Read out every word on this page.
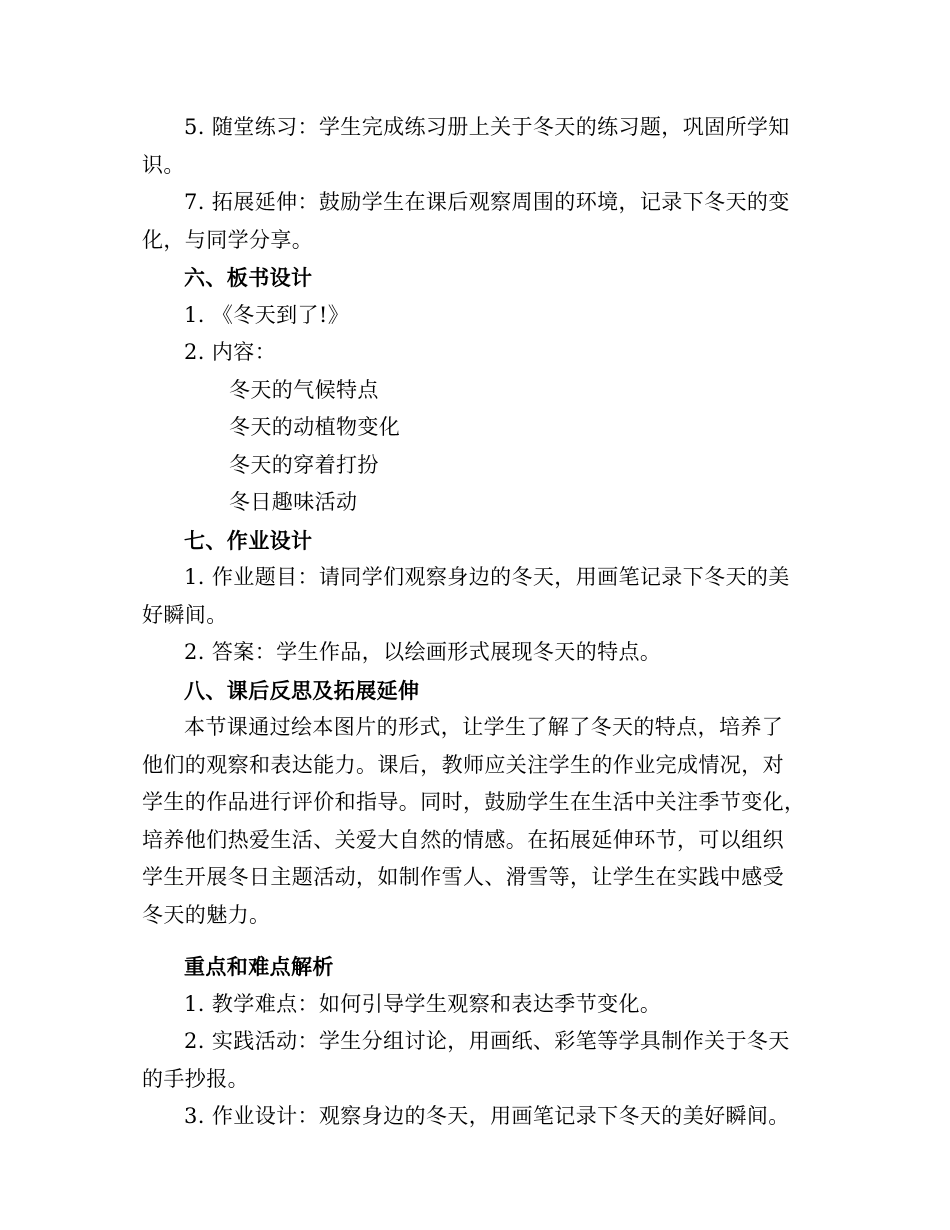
5. 随堂练习：学生完成练习册上关于冬天的练习题，巩固所学知
识。
7. 拓展延伸：鼓励学生在课后观察周围的环境，记录下冬天的变
化，与同学分享。
六、板书设计
1. 《冬天到了!》
2. 内容：
冬天的气候特点
冬天的动植物变化
冬天的穿着打扮
冬日趣味活动
七、作业设计
1. 作业题目：请同学们观察身边的冬天，用画笔记录下冬天的美
好瞬间。
2. 答案：学生作品，以绘画形式展现冬天的特点。
八、课后反思及拓展延伸
本节课通过绘本图片的形式，让学生了解了冬天的特点，培养了
他们的观察和表达能力。课后，教师应关注学生的作业完成情况，对
学生的作品进行评价和指导。同时，鼓励学生在生活中关注季节变化，
培养他们热爱生活、关爱大自然的情感。在拓展延伸环节，可以组织
学生开展冬日主题活动，如制作雪人、滑雪等，让学生在实践中感受
冬天的魅力。
重点和难点解析
1. 教学难点：如何引导学生观察和表达季节变化。
2. 实践活动：学生分组讨论，用画纸、彩笔等学具制作关于冬天
的手抄报。
3. 作业设计：观察身边的冬天，用画笔记录下冬天的美好瞬间。
